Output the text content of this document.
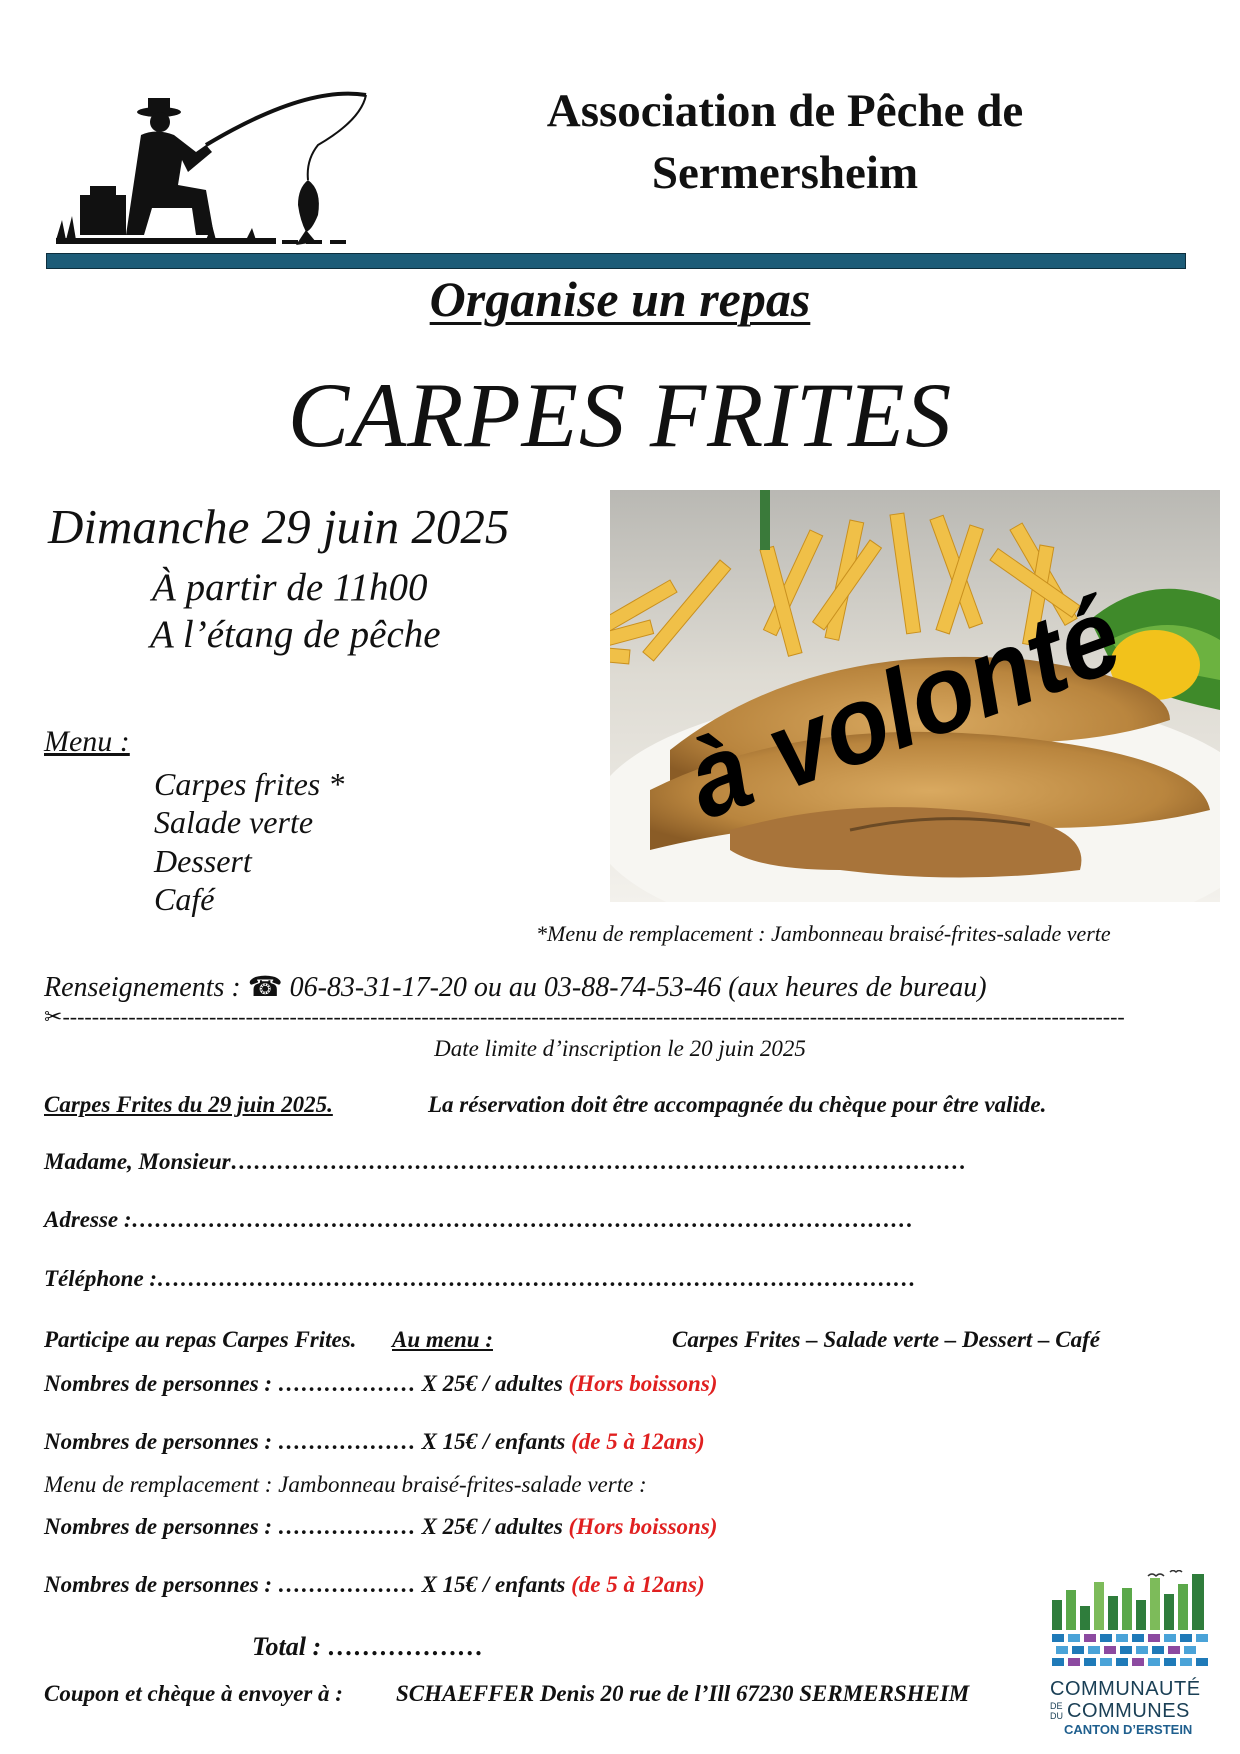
Association de Pêche de
Sermersheim
Organise un repas
CARPES FRITES
Dimanche 29 juin 2025
À partir de 11h00
A l’étang de pêche à volonté
Menu :
Carpes frites *
Salade verte
Dessert
Café
*Menu de remplacement : Jambonneau braisé-frites-salade verte
Renseignements : ☎ 06-83-31-17-20 ou au 03-88-74-53-46 (aux heures de bureau)
✂-------------------------------------------------------------------------------------------------------------------------------------------------
Date limite d’inscription le 20 juin 2025
Carpes Frites du 29 juin 2025.	La réservation doit être accompagnée du chèque pour être valide.
Madame, Monsieur……………………………………………………………………………………
Adresse :…………………………………………………………………………………………
Téléphone :………………………………………………………………………………………
Participe au repas Carpes Frites. Au menu :	Carpes Frites – Salade verte – Dessert – Café
Nombres de personnes : ……………… X 25€ / adultes (Hors boissons)
Nombres de personnes : ……………… X 15€ / enfants (de 5 à 12ans)
Menu de remplacement : Jambonneau braisé-frites-salade verte :
Nombres de personnes : ……………… X 25€ / adultes (Hors boissons)
Nombres de personnes : ……………… X 15€ / enfants (de 5 à 12ans)
Total : ………………
Coupon et chèque à envoyer à : SCHAEFFER Denis 20 rue de l’Ill 67230 SERMERSHEIM	COMMUNAUTÉ
DE
DU COMMUNES
CANTON D’ERSTEIN
